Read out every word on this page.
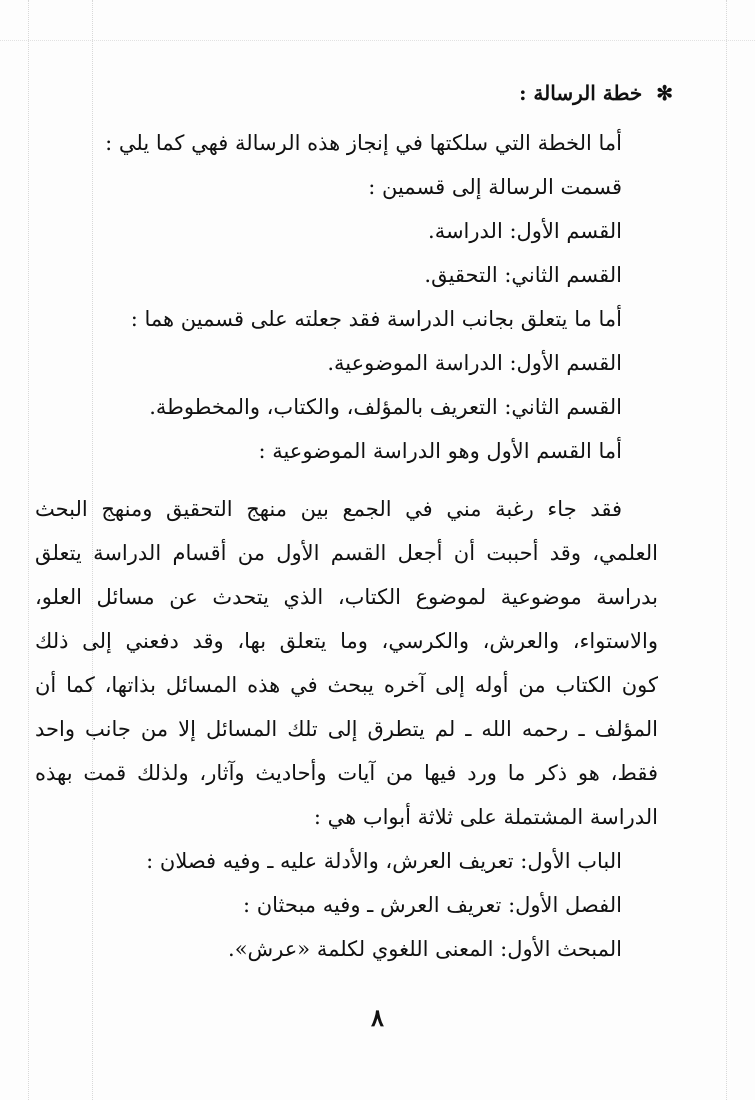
✻
خطة الرسالة :
أما الخطة التي سلكتها في إنجاز هذه الرسالة فهي كما يلي :
قسمت الرسالة إلى قسمين :
القسم الأول: الدراسة.
القسم الثاني: التحقيق.
أما ما يتعلق بجانب الدراسة فقد جعلته على قسمين هما :
القسم الأول: الدراسة الموضوعية.
القسم الثاني: التعريف بالمؤلف، والكتاب، والمخطوطة.
أما القسم الأول وهو الدراسة الموضوعية :
فقد جاء رغبة مني في الجمع بين منهج التحقيق ومنهج البحث
العلمي، وقد أحببت أن أجعل القسم الأول من أقسام الدراسة يتعلق
بدراسة موضوعية لموضوع الكتاب، الذي يتحدث عن مسائل العلو،
والاستواء، والعرش، والكرسي، وما يتعلق بها، وقد دفعني إلى ذلك
كون الكتاب من أوله إلى آخره يبحث في هذه المسائل بذاتها، كما أن
المؤلف ـ رحمه الله ـ لم يتطرق إلى تلك المسائل إلا من جانب واحد
فقط، هو ذكر ما ورد فيها من آيات وأحاديث وآثار، ولذلك قمت بهذه
الدراسة المشتملة على ثلاثة أبواب هي :
الباب الأول: تعريف العرش، والأدلة عليه ـ وفيه فصلان :
الفصل الأول: تعريف العرش ـ وفيه مبحثان :
المبحث الأول: المعنى اللغوي لكلمة «عرش».
٨
